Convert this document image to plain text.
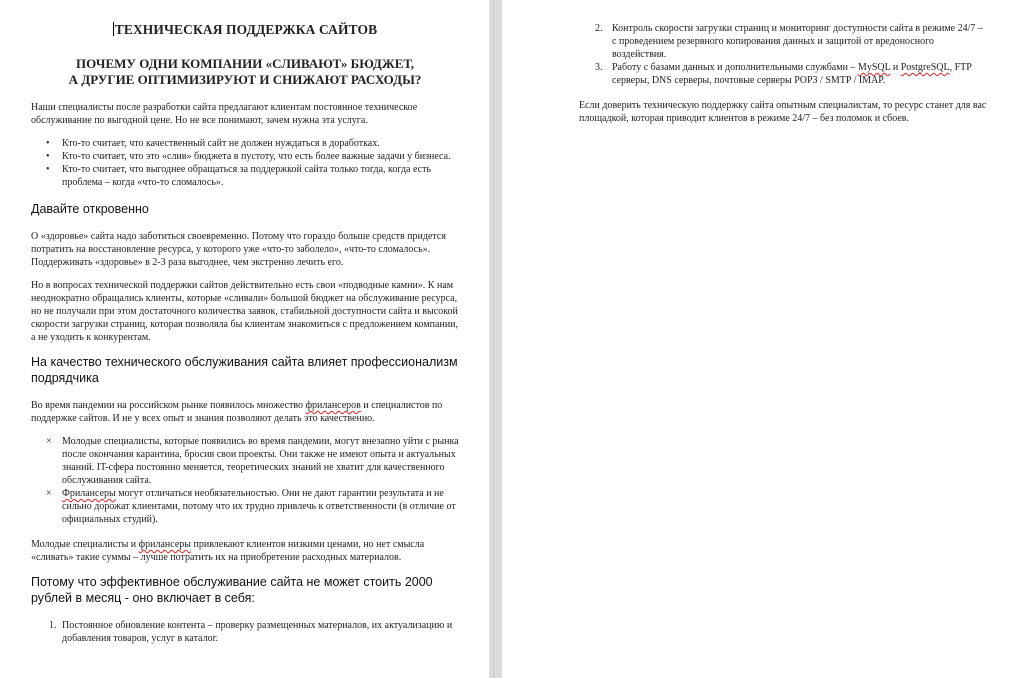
ТЕХНИЧЕСКАЯ ПОДДЕРЖКА САЙТОВ
ПОЧЕМУ ОДНИ КОМПАНИИ «СЛИВАЮТ» БЮДЖЕТ,
А ДРУГИЕ ОПТИМИЗИРУЮТ И СНИЖАЮТ РАСХОДЫ?

Наши специалисты после разработки сайта предлагают клиентам постоянное техническое обслуживание по выгодной цене. Но не все понимают, зачем нужна эта услуга.

• Кто-то считает, что качественный сайт не должен нуждаться в доработках.
• Кто-то считает, что это «слив» бюджета в пустоту, что есть более важные задачи у бизнеса.
• Кто-то считает, что выгоднее обращаться за поддержкой сайта только тогда, когда есть проблема – когда «что-то сломалось».
Давайте откровенно

О «здоровье» сайта надо заботиться своевременно. Потому что гораздо больше средств придется потратить на восстановление ресурса, у которого уже «что-то заболело», «что-то сломалось». Поддерживать «здоровье» в 2-3 раза выгоднее, чем экстренно лечить его.

Но в вопросах технической поддержки сайтов действительно есть свои «подводные камни». К нам неоднократно обращались клиенты, которые «сливали» большой бюджет на обслуживание ресурса, но не получали при этом достаточного количества заявок, стабильной доступности сайта и высокой скорости загрузки страниц, которая позволяла бы клиентам знакомиться с предложением компании, а не уходить к конкурентам.

На качество технического обслуживания сайта влияет профессионализм подрядчика

Во время пандемии на российском рынке появилось множество фрилансеров и специалистов по поддержке сайтов. И не у всех опыт и знания позволяют делать это качественно.

× Молодые специалисты, которые появились во время пандемии, могут внезапно уйти с рынка после окончания карантина, бросив свои проекты. Они также не имеют опыта и актуальных знаний. IT-сфера постоянно меняется, теоретических знаний не хватит для качественного обслуживания сайта.
× Фрилансеры могут отличаться необязательностью. Они не дают гарантии результата и не сильно дорожат клиентами, потому что их трудно привлечь к ответственности (в отличие от официальных студий).

Молодые специалисты и фрилансеры привлекают клиентов низкими ценами, но нет смысла «сливать» такие суммы – лучше потратить их на приобретение расходных материалов.

Потому что эффективное обслуживание сайта не может стоить 2000 рублей в месяц - оно включает в себя:
1. Постоянное обновление контента – проверку размещенных материалов, их актуализацию и добавления товаров, услуг в каталог.
2. Контроль скорости загрузки страниц и мониторинг доступности сайта в режиме 24/7 – с проведением резервного копирования данных и защитой от вредоносного воздействия.
3. Работу с базами данных и дополнительными службами – MySQL и PostgreSQL, FTP серверы, DNS серверы, почтовые серверы POP3 / SMTP / IMAP.

Если доверить техническую поддержку сайта опытным специалистам, то ресурс станет для вас площадкой, которая приводит клиентов в режиме 24/7 – без поломок и сбоев.
